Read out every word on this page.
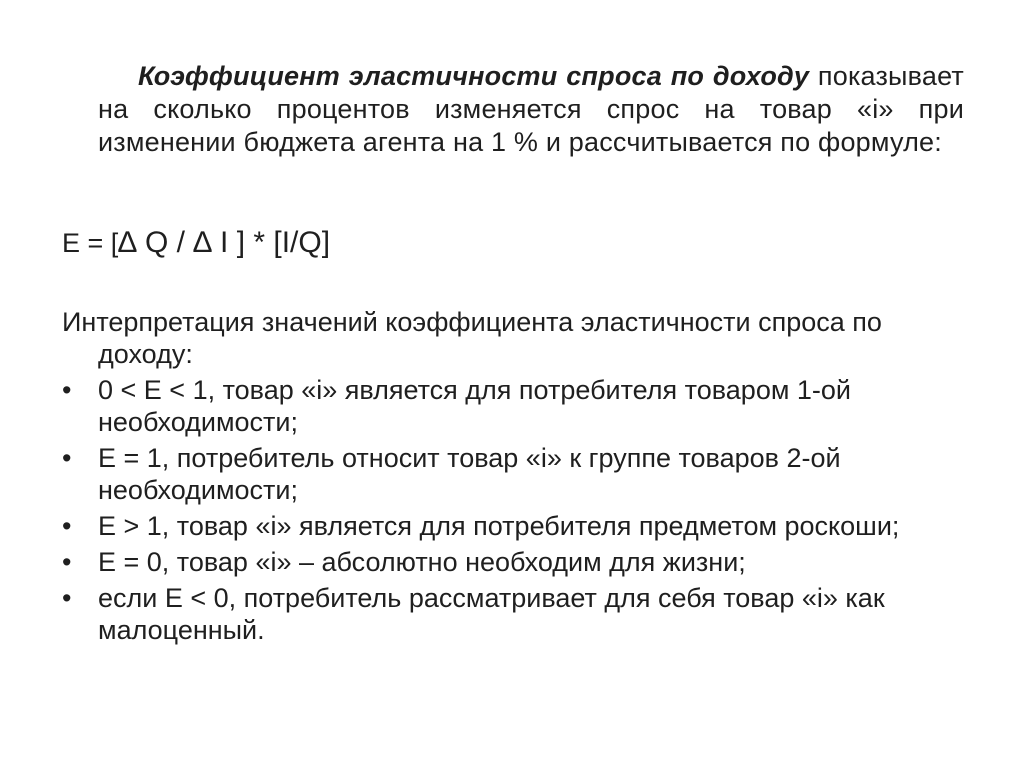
Коэффициент эластичности спроса по доходу показывает на сколько процентов изменяется спрос на товар «i» при изменении бюджета агента на 1 % и рассчитывается по формуле:

E = [∆ Q / ∆ I ] * [I/Q]
Интерпретация значений коэффициента эластичности спроса по доходу:
• 0 < E < 1, товар «i» является для потребителя товаром 1-ой необходимости;
• E = 1, потребитель относит товар «i» к группе товаров 2-ой необходимости;
• E > 1, товар «i» является для потребителя предметом роскоши;
• E = 0, товар «i» – абсолютно необходим для жизни;
• если E < 0, потребитель рассматривает для себя товар «i» как малоценный.
